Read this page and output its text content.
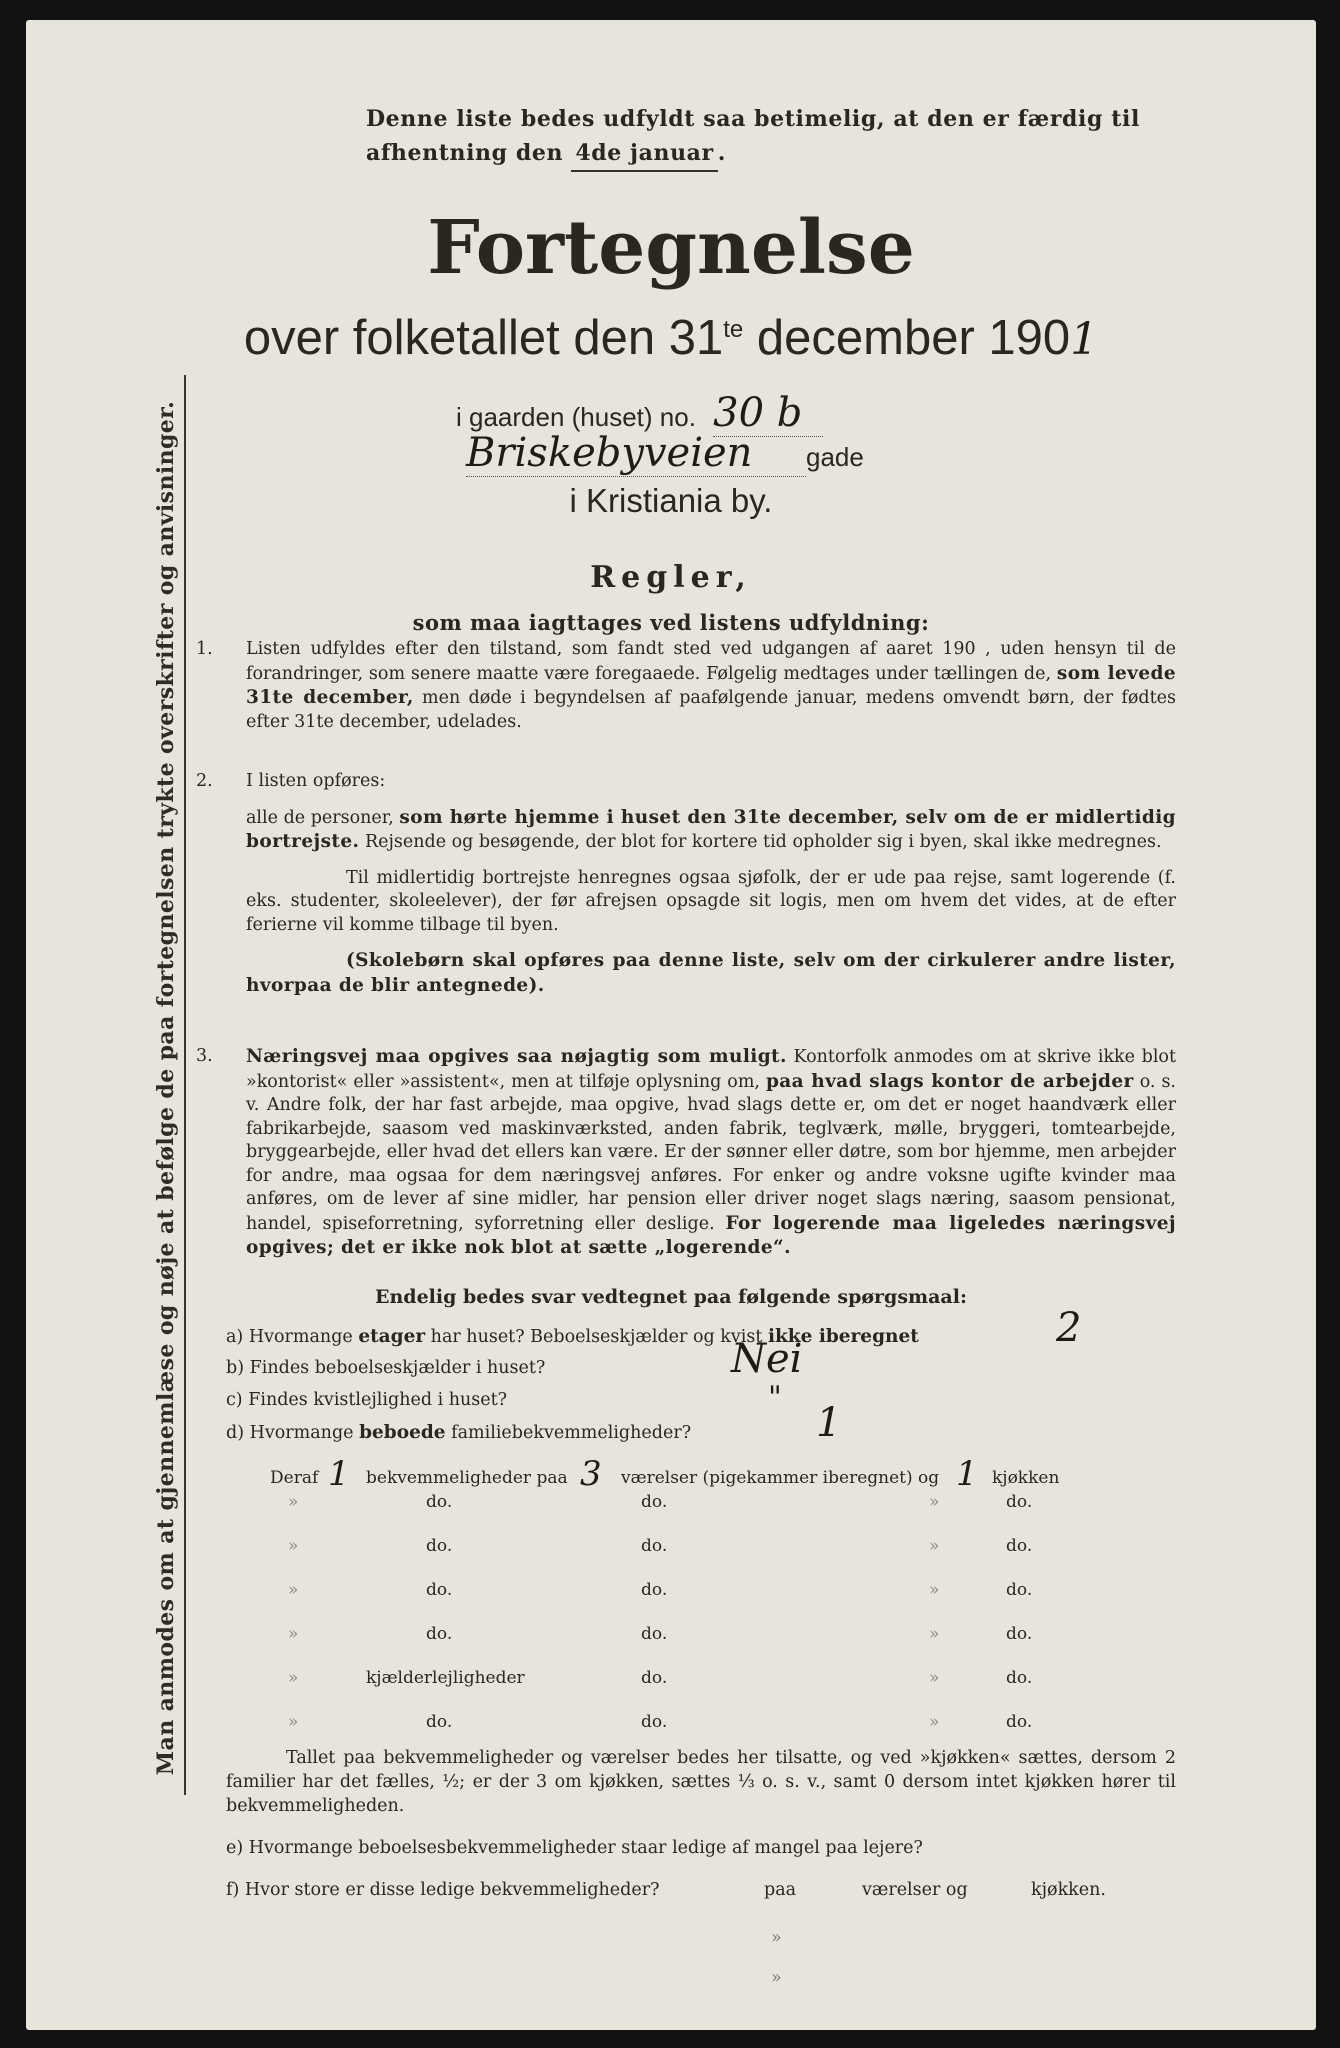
Man anmodes om at gjennemlæse og nøje at befølge de paa fortegnelsen trykte overskrifter og anvisninger.
Denne liste bedes udfyldt saa betimelig, at den er færdig til
afhentning den 4de januar .
Fortegnelse
over folketallet den $31^{te}$ december 1901
i gaarden (huset) no. 30 b
Briskebyveien gade
i Kristiania by.
Regler,
som maa iagttages ved listens udfyldning:
1. Listen udfyldes efter den tilstand, som fandt sted ved udgangen af aaret 190 , uden hensyn til de forandringer, som senere maatte være foregaaede. Følgelig medtages under tællingen de, som levede 31te december, men døde i begyndelsen af paafølgende januar, medens omvendt børn, der fødtes efter 31te december, udelades.
2. I listen opføres:
alle de personer, som hørte hjemme i huset den 31te december, selv om de er midlertidig bortrejste. Rejsende og besøgende, der blot for kortere tid opholder sig i byen, skal ikke medregnes.
Til midlertidig bortrejste henregnes ogsaa sjøfolk, der er ude paa rejse, samt logerende (f. eks. studenter, skoleelever), der før afrejsen opsagde sit logis, men om hvem det vides, at de efter ferierne vil komme tilbage til byen.
(Skolebørn skal opføres paa denne liste, selv om der cirkulerer andre lister, hvorpaa de blir antegnede).
3. Næringsvej maa opgives saa nøjagtig som muligt. Kontorfolk anmodes om at skrive ikke blot »kontorist« eller »assistent«, men at tilføje oplysning om, paa hvad slags kontor de arbejder o. s. v. Andre folk, der har fast arbejde, maa opgive, hvad slags dette er, om det er noget haandværk eller fabrikarbejde, saasom ved maskinværksted, anden fabrik, teglværk, mølle, bryggeri, tomtearbejde, bryggearbejde, eller hvad det ellers kan være. Er der sønner eller døtre, som bor hjemme, men arbejder for andre, maa ogsaa for dem næringsvej anføres. For enker og andre voksne ugifte kvinder maa anføres, om de lever af sine midler, har pension eller driver noget slags næring, saasom pensionat, handel, spiseforretning, syforretning eller deslige. For logerende maa ligeledes næringsvej opgives; det er ikke nok blot at sætte „logerende“.
Endelig bedes svar vedtegnet paa følgende spørgsmaal:
a) Hvormange etager har huset? Beboelseskjælder og kvist ikke iberegnet	2
b) Findes beboelseskjælder i huset?	Nei
c) Findes kvistlejlighed i huset?	"
d) Hvormange beboede familiebekvemmeligheder?	1
Deraf 1 bekvemmeligheder paa 3 værelser (pigekammer iberegnet) og 1 kjøkken
»	do.	do.	»	do.
»	do.	do.	»	do.
»	do.	do.	»	do.
»	do.	do.	»	do.
»	kjælderlejligheder	do.	»	do.
»	do.	do.	»	do.
Tallet paa bekvemmeligheder og værelser bedes her tilsatte, og ved »kjøkken« sættes, dersom 2 familier har det fælles, ½; er der 3 om kjøkken, sættes ⅓ o. s. v., samt 0 dersom intet kjøkken hører til bekvemmeligheden.
e) Hvormange beboelsesbekvemmeligheder staar ledige af mangel paa lejere?
f) Hvor store er disse ledige bekvemmeligheder?	paa	værelser og	kjøkken.
»
»
